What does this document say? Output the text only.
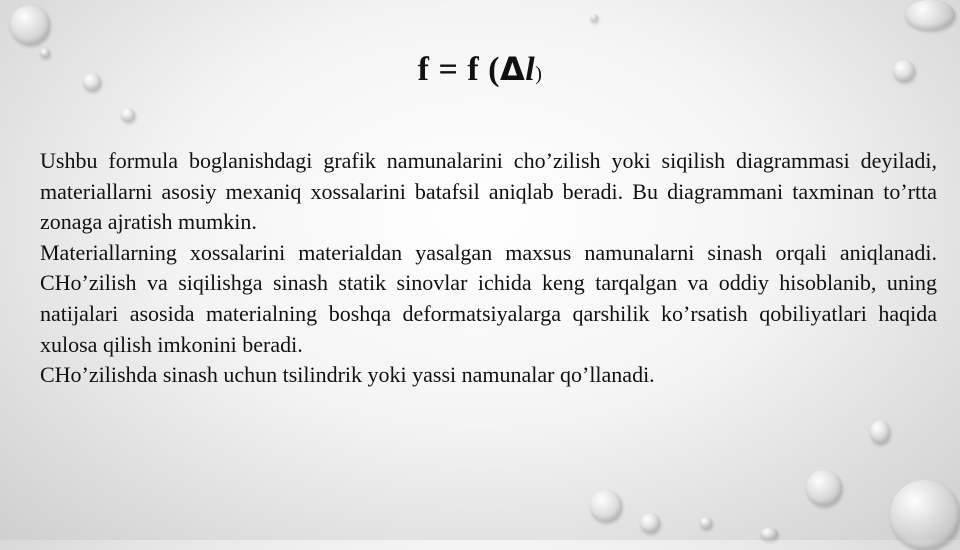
f = f (Δl)

Ushbu formula boglanishdagi grafik namunalarini cho’zilish yoki siqilish diagrammasi deyiladi, materiallarni asosiy mexaniq xossalarini batafsil aniqlab beradi. Bu diagrammani taxminan to’rtta zonaga ajratish mumkin.

Materiallarning xossalarini materialdan yasalgan maxsus namunalarni sinash orqali aniqlanadi. CHo’zilish va siqilishga sinash statik sinovlar ichida keng tarqalgan va oddiy hisoblanib, uning natijalari asosida materialning boshqa deformatsiyalarga qarshilik ko’rsatish qobiliyatlari haqida xulosa qilish imkonini beradi.

CHo’zilishda sinash uchun tsilindrik yoki yassi namunalar qo’llanadi.
